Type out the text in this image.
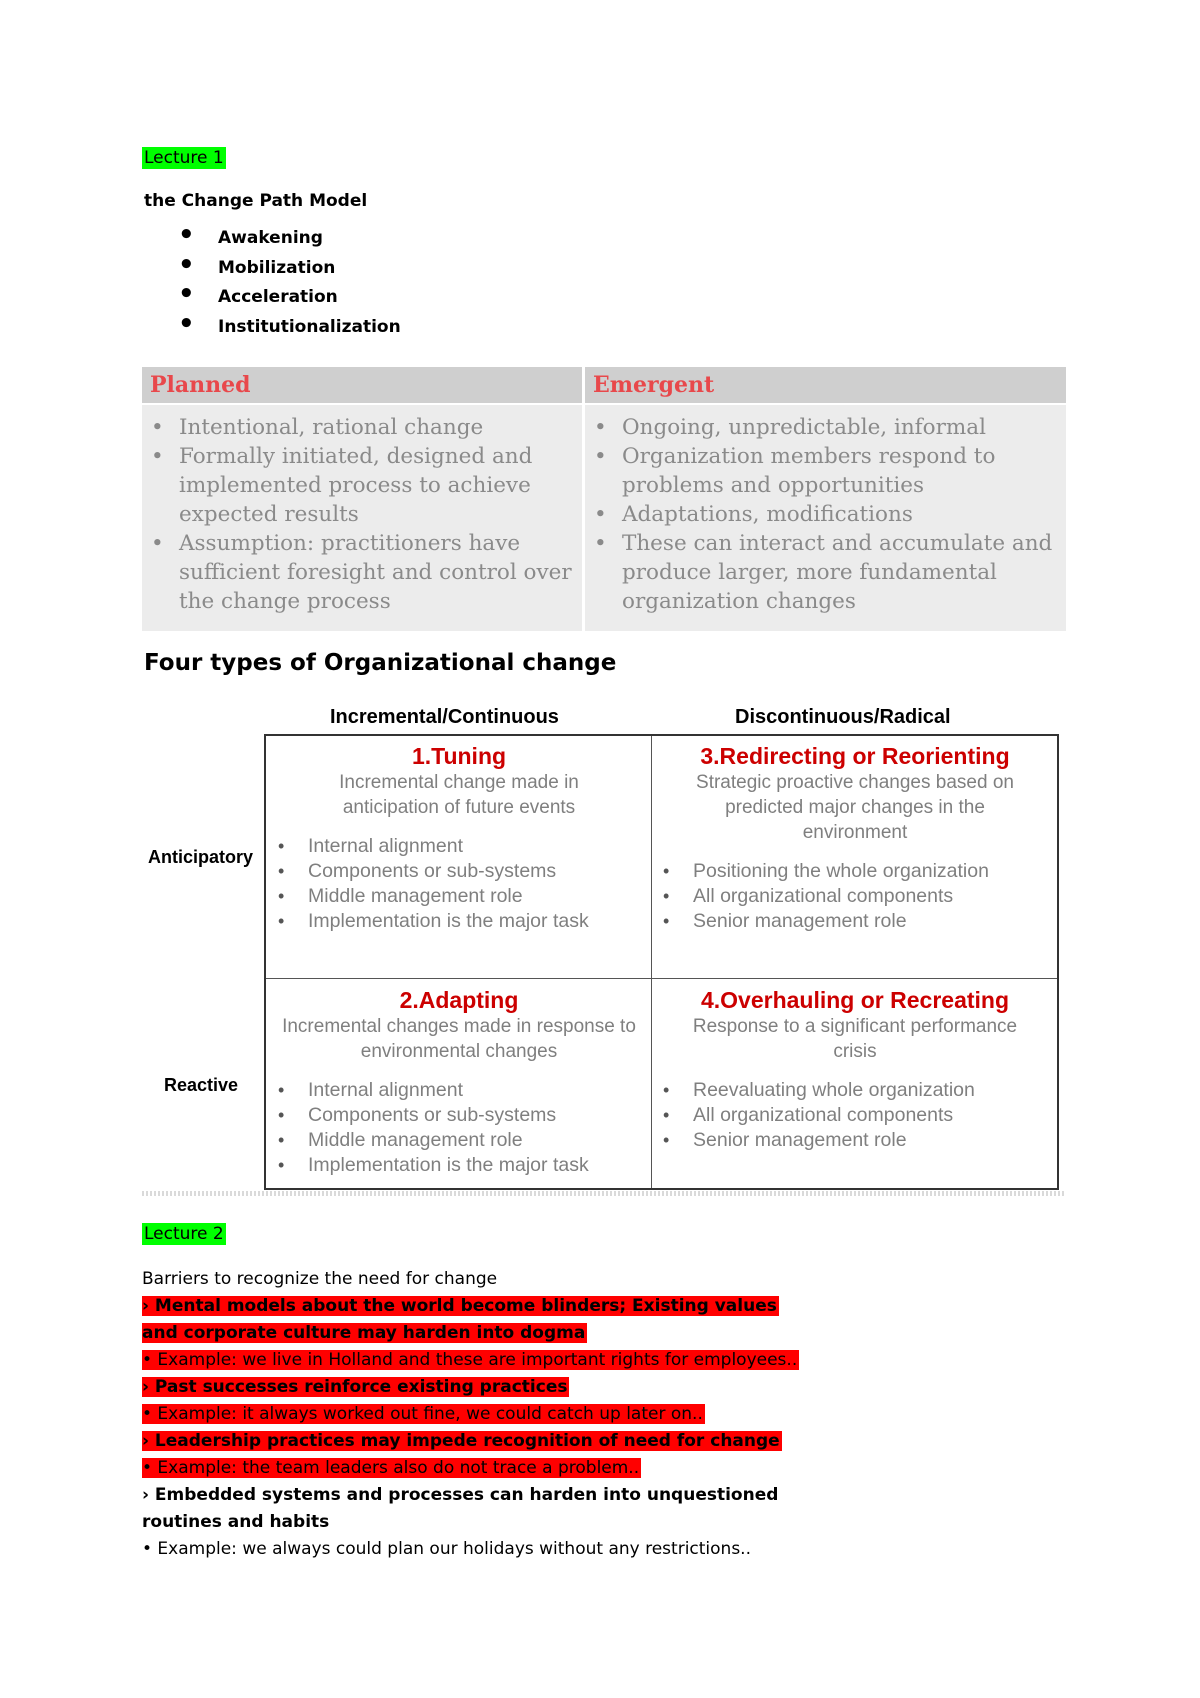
Lecture 1
the Change Path Model
• Awakening
• Mobilization
• Acceleration
• Institutionalization
Planned	Emergent
• Intentional, rational change
• Formally initiated, designed and implemented process to achieve expected results
• Assumption: practitioners have sufficient foresight and control over the change process
• Ongoing, unpredictable, informal
• Organization members respond to problems and opportunities
• Adaptations, modifications
• These can interact and accumulate and produce larger, more fundamental organization changes
Four types of Organizational change
Incremental/Continuous	Discontinuous/Radical
Anticipatory
Reactive
1.Tuning
Incremental change made in anticipation of future events
• Internal alignment
• Components or sub-systems
• Middle management role
• Implementation is the major task
3.Redirecting or Reorienting
Strategic proactive changes based on predicted major changes in the environment
• Positioning the whole organization
• All organizational components
• Senior management role
2.Adapting
Incremental changes made in response to environmental changes
• Internal alignment
• Components or sub-systems
• Middle management role
• Implementation is the major task
4.Overhauling or Recreating
Response to a significant performance crisis
• Reevaluating whole organization
• All organizational components
• Senior management role
Lecture 2
Barriers to recognize the need for change
› Mental models about the world become blinders; Existing values
and corporate culture may harden into dogma
• Example: we live in Holland and these are important rights for employees..
› Past successes reinforce existing practices
• Example: it always worked out fine, we could catch up later on..
› Leadership practices may impede recognition of need for change
• Example: the team leaders also do not trace a problem..
› Embedded systems and processes can harden into unquestioned
routines and habits
• Example: we always could plan our holidays without any restrictions..
